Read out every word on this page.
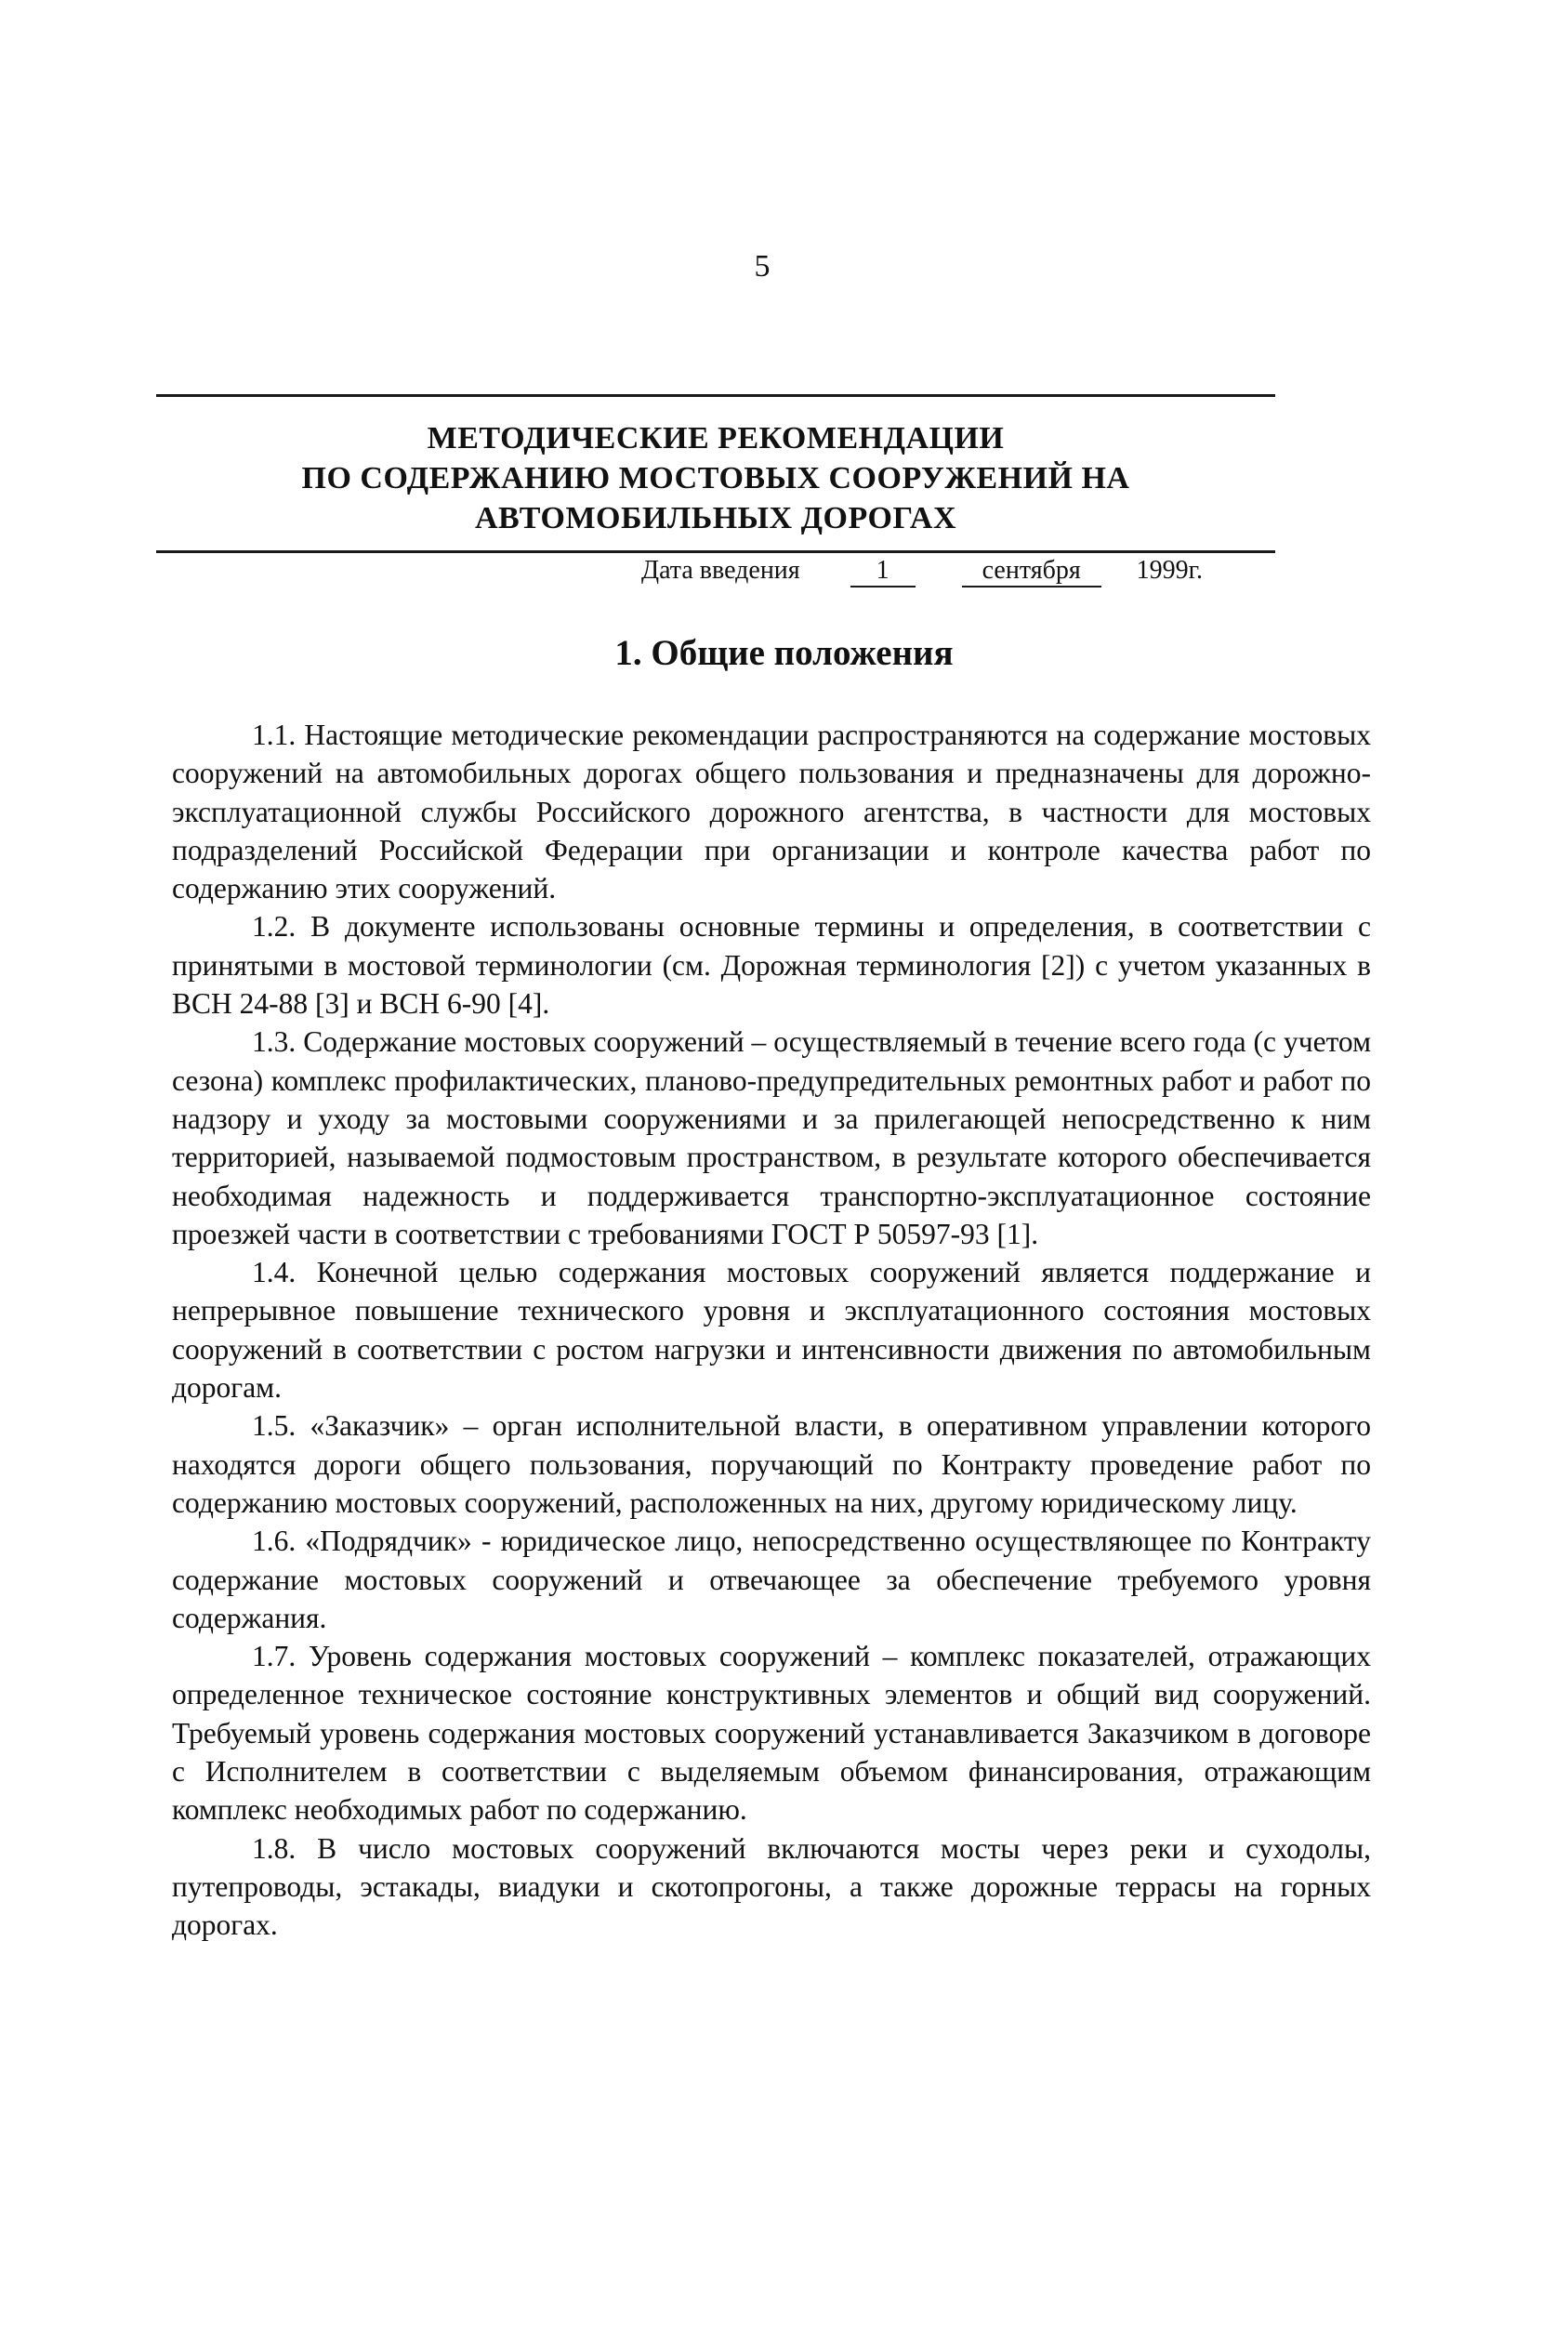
5
МЕТОДИЧЕСКИЕ РЕКОМЕНДАЦИИ
ПО СОДЕРЖАНИЮ МОСТОВЫХ СООРУЖЕНИЙ НА
АВТОМОБИЛЬНЫХ ДОРОГАХ
Дата введения	1	сентября 1999г.
1. Общие положения

1.1. Настоящие методические рекомендации распространяются на содержание мостовых сооружений на автомобильных дорогах общего пользования и предназначены для дорожно-эксплуатационной службы Российского дорожного агентства, в частности для мостовых подразделений Российской Федерации при организации и контроле качества работ по содержанию этих сооружений.

1.2. В документе использованы основные термины и определения, в соответствии с принятыми в мостовой терминологии (см. Дорожная терминология [2]) с учетом указанных в ВСН 24-88 [3] и ВСН 6-90 [4].

1.3. Содержание мостовых сооружений – осуществляемый в течение всего года (с учетом сезона) комплекс профилактических, планово-предупредительных ремонтных работ и работ по надзору и уходу за мостовыми сооружениями и за прилегающей непосредственно к ним территорией, называемой подмостовым пространством, в результате которого обеспечивается необходимая надежность и поддерживается транспортно-эксплуатационное состояние проезжей части в соответствии с требованиями ГОСТ Р 50597-93 [1].

1.4. Конечной целью содержания мостовых сооружений является поддержание и непрерывное повышение технического уровня и эксплуатационного состояния мостовых сооружений в соответствии с ростом нагрузки и интенсивности движения по автомобильным дорогам.

1.5. «Заказчик» – орган исполнительной власти, в оперативном управлении которого находятся дороги общего пользования, поручающий по Контракту проведение работ по содержанию мостовых сооружений, расположенных на них, другому юридическому лицу.

1.6. «Подрядчик» - юридическое лицо, непосредственно осуществляющее по Контракту содержание мостовых сооружений и отвечающее за обеспечение требуемого уровня содержания.

1.7. Уровень содержания мостовых сооружений – комплекс показателей, отражающих определенное техническое состояние конструктивных элементов и общий вид сооружений. Требуемый уровень содержания мостовых сооружений устанавливается Заказчиком в договоре с Исполнителем в соответствии с выделяемым объемом финансирования, отражающим комплекс необходимых работ по содержанию.

1.8. В число мостовых сооружений включаются мосты через реки и суходолы, путепроводы, эстакады, виадуки и скотопрогоны, а также дорожные террасы на горных дорогах.
